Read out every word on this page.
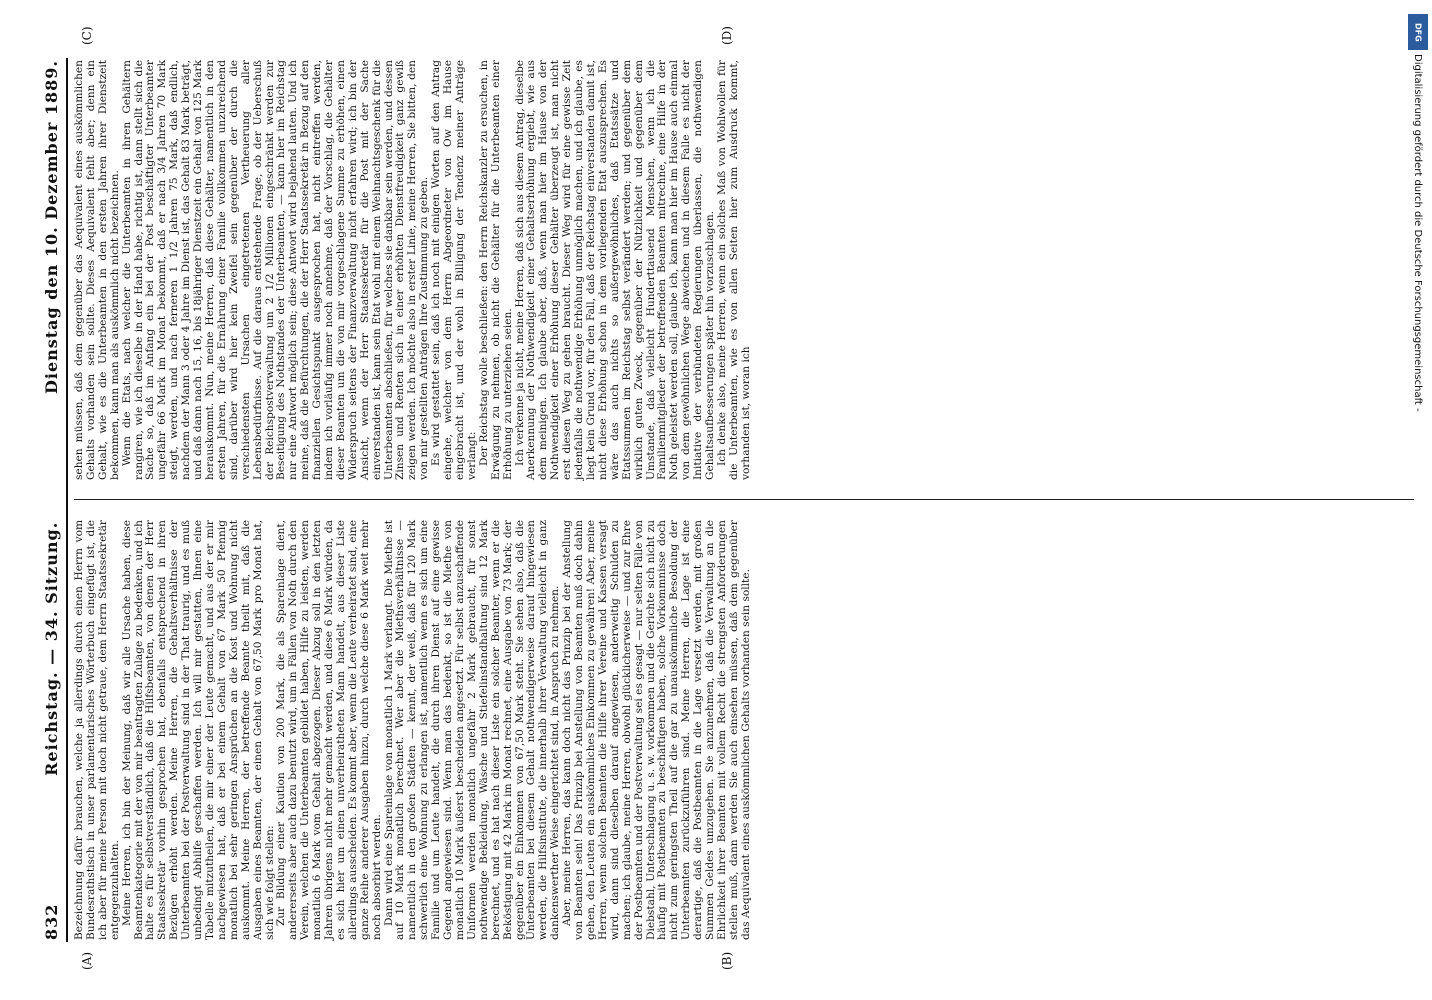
832
Reichstag. — 34. Sitzung.
Dienstag den 10. Dezember 1889.
(A)	(B)
(C)	(D)

Bezeichnung dafür brauchen, welche ja allerdings durch einen Herrn vom Bundesrathstisch in unser parlamentarisches Wörterbuch eingefügt ist, die ich aber für meine Person mit doch nicht getraue, dem Herrn Staatssekretär entgegenzuhalten. Meine Herren, ich bin der Meinung, daß wir alle Ursache haben, diese Beamtenkategorie mit der von mir beantragten Zulage zu bedenken, und ich halte es für selbstverständlich, daß die Hilfsbeamten, von denen der Herr Staatssekretär vorhin gesprochen hat, ebenfalls entsprechend in ihren Bezügen erhöht werden. Meine Herren, die Gehaltsverhältnisse der Unterbeamten bei der Postverwaltung sind in der That traurig, und es muß unbedingt Abhilfe geschaffen werden. Ich will mir gestatten, Ihnen eine Tabelle mitzutheilen, die mir einer der Leute gemacht, und aus der er mir nachgewiesen hat, daß er bei einem Gehalt von 67 Mark 50 Pfennig monatlich bei sehr geringen Ansprüchen an die Kost und Wohnung nicht auskommt. Meine Herren, der betreffende Beamte theilt mit, daß die Ausgaben eines Beamten, der einen Gehalt von 67,50 Mark pro Monat hat, sich wie folgt stellen: Zur Bildung einer Kaution von 200 Mark, die als Spareinlage dient, andererseits aber auch dazu benutzt wird, um in Fällen von Noth durch den Verein, welchen die Unterbeamten gebildet haben, Hilfe zu leisten, werden monatlich 6 Mark vom Gehalt abgezogen. Dieser Abzug soll in den letzten Jahren übrigens nicht mehr gemacht werden, und diese 6 Mark würden, da es sich hier um einen unverheiratheten Mann handelt, aus dieser Liste allerdings ausscheiden. Es kommt aber, wenn die Leute verheiratet sind, eine ganze Reihe anderer Ausgaben hinzu, durch welche diese 6 Mark weit mehr noch absorbirt werden. Dann wird eine Spareinlage von monatlich 1 Mark verlangt. Die Miethe ist auf 10 Mark monatlich berechnet. Wer aber die Miethsverhältnisse — namentlich in den großen Städten — kennt, der weiß, daß für 120 Mark schwerlich eine Wohnung zu erlangen ist, namentlich wenn es sich um eine Familie und um Leute handelt, die durch ihren Dienst auf eine gewisse Gegend angewiesen sind. Wenn man das bedenkt, so ist die Miethe von monatlich 10 Mark äußerst bescheiden angesetzt. Für selbst anzuschaffende Uniformen werden monatlich ungefähr 2 Mark gebraucht, für sonst nothwendige Bekleidung, Wäsche und Stiefelinstandhaltung sind 12 Mark berechnet, und es hat nach dieser Liste ein solcher Beamter, wenn er die Beköstigung mit 42 Mark im Monat rechnet, eine Ausgabe von 73 Mark; der gegenüber ein Einkommen von 67,50 Mark steht. Sie sehen also, daß die Unterbeamten bei diesem Gehalt nothwendigerweise darauf hingewiesen werden, die Hilfsinstitute, die innerhalb ihrer Verwaltung vielleicht in ganz dankenswerther Weise eingerichtet sind, in Anspruch zu nehmen. Aber, meine Herren, das kann doch nicht das Prinzip bei der Anstellung von Beamten sein! Das Prinzip bei Anstellung von Beamten muß doch dahin gehen, den Leuten ein auskömmliches Einkommen zu gewähren! Aber, meine Herren, wenn solchen Beamten die Hilfe ihrer Vereine und Kassen versagt wird, dann sind dieselben darauf angewiesen, anderweitig Schulden zu machen; ich glaube, meine Herren, obwohl glücklicherweise — und zur Ehre der Postbeamten und der Postverwaltung sei es gesagt — nur selten Fälle von Diebstahl, Unterschlagung u. s. w. vorkommen und die Gerichte sich nicht zu häufig mit Postbeamten zu beschäftigen haben, solche Vorkommnisse doch nicht zum geringsten Theil auf die gar zu unauskömmliche Besoldung der Unterbeamten zurückzuführen sind. Meine Herren, die Lage ist eine derartige, daß die Postbeamten in die Lage versetzt werden, mit großen Summen Geldes umzugehen. Sie anzunehmen, daß die Verwaltung an die Ehrlichkeit ihrer Beamten mit vollem Recht die strengsten Anforderungen stellen muß, dann werden Sie auch einsehen müssen, daß dem gegenüber das Aequivalent eines auskömmlichen Gehalts vorhanden sein sollte.

sehen müssen, daß dem gegenüber das Aequivalent eines auskömmlichen Gehalts vorhanden sein sollte. Dieses Aequivalent fehlt aber; denn ein Gehalt, wie es die Unterbeamten in den ersten Jahren ihrer Dienstzeit bekommen, kann man als auskömmlich nicht bezeichnen. Wenn die Etats, nach welcher die Unterbeamten in ihren Gehältern rangiren, wie ich dieselbe in der Hand habe, richtig ist, dann stellt sich die Sache so, daß im Anfang ein bei der Post beschäftigter Unterbeamter ungefähr 66 Mark im Monat bekommt, daß er nach 3/4 Jahren 70 Mark steigt, werden, und nach ferneren 1 1/2 Jahren 75 Mark, daß endlich, nachdem der Mann 3 oder 4 Jahre im Dienst ist, das Gehalt 83 Mark beträgt, und daß dann nach 15, 16, bis 18jähriger Dienstzeit ein Gehalt von 125 Mark herauskommt. Nun, meine Herren, daß diese Gehälter, namentlich in den ersten Jahren, für die Ernährung einer Familie vollkommen unzureichend sind, darüber wird hier kein Zweifel sein gegenüber der durch die verschiedensten Ursachen eingetretenen Vertheuerung aller Lebensbedürfnisse. Auf die daraus entstehende Frage, ob der Ueberschuß der Reichspostverwaltung um 2 1/2 Millionen eingeschränkt werden zur Beseitigung des Nothstandes der Unterbeamten, — kann hier im Reichstag nur eine Antwort möglich sein; diese Antwort wird bejahend lauten. Und ich meine, daß die Befürchtungen, die der Herr Staatssekretär in Bezug auf den finanziellen Gesichtspunkt ausgesprochen hat, nicht eintreffen werden, indem ich vorläufig immer noch annehme, daß der Vorschlag, die Gehälter dieser Beamten um die von mir vorgeschlagene Summe zu erhöhen, einen Widerspruch seitens der Finanzverwaltung nicht erfahren wird; ich bin der Ansicht, wenn der Herr Staatssekretär für die Post mit der Sache einverstanden ist, kann sein Etat wohl mit einem Weihnachtsgeschenk für die Unterbeamten abschließen, für welches sie dankbar sein werden, und dessen Zinsen und Renten sich in einer erhöhten Dienstfreudigkeit ganz gewiß zeigen werden. Ich möchte also in erster Linie, meine Herren, Sie bitten, den von mir gestellten Anträgen Ihre Zustimmung zu geben. Es wird gestattet sein, daß ich noch mit einigen Worten auf den Antrag eingehe, welcher von dem Herrn Abgeordneter von Ow im Hause eingebracht ist, und der wohl in Billigung der Tendenz meiner Anträge verlangt: Der Reichstag wolle beschließen: den Herrn Reichskanzler zu ersuchen, in Erwägung zu nehmen, ob nicht die Gehälter für die Unterbeamten einer Erhöhung zu unterziehen seien. Ich verkenne ja nicht, meine Herren, daß sich aus diesem Antrag, dieselbe Anerkennung der Nothwendigkeit einer Gehaltserhöhung ergiebt, wie aus dem meinigen. Ich glaube aber, daß, wenn man hier im Hause von der Nothwendigkeit einer Erhöhung dieser Gehälter überzeugt ist, man nicht erst diesen Weg zu gehen braucht. Dieser Weg wird für eine gewisse Zeit jedenfalls die nothwendige Erhöhung unmöglich machen, und ich glaube, es liegt kein Grund vor, für den Fall, daß der Reichstag einverstanden damit ist, nicht diese Erhöhung schon in dem vorliegenden Etat auszusprechen. Es wäre das auch nichts so außergewöhnliches, daß Etatssätze und Etatssummen im Reichstag selbst verändert werden; und gegenüber dem wirklich guten Zweck, gegenüber der Nützlichkeit und gegenüber dem Umstande, daß vielleicht Hunderttausend Menschen, wenn ich die Familienmitglieder der betreffenden Beamten mitrechne, eine Hilfe in der Noth geleistet werden soll, glaube ich, kann man hier im Hause auch einmal von dem gewöhnlichen Wege abweichen und in diesem Falle es nicht der Initiative der verbündeten Regierungen überlassen, die nothwendigen Gehaltsaufbesserungen später hin vorzuschlagen. Ich denke also, meine Herren, wenn ein solches Maß von Wohlwollen für die Unterbeamten, wie es von allen Seiten hier zum Ausdruck kommt, vorhanden ist, woran ich

DFG
Digitalisierung gefördert durch die Deutsche Forschungsgemeinschaft -
